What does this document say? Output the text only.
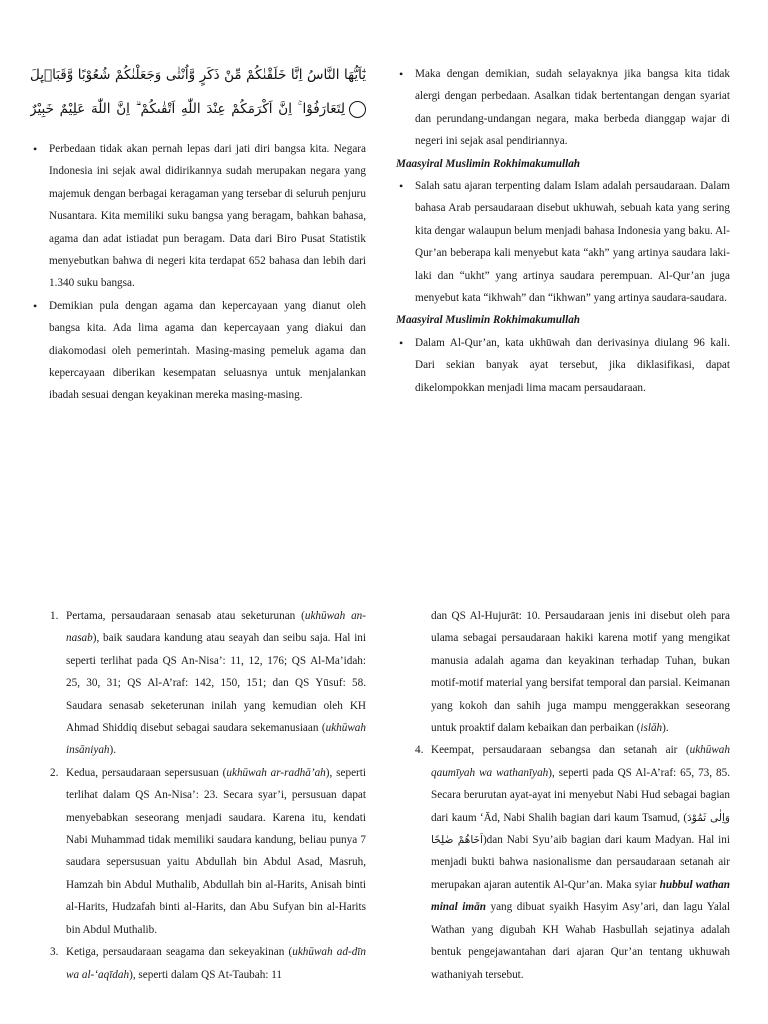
يٰٓاَيُّهَا النَّاسُ اِنَّا خَلَقْنٰكُمْ مِّنْ ذَكَرٍ وَّاُنْثٰى وَجَعَلْنٰكُمْ شُعُوْبًا وَّقَبَاۤىِٕلَ
لِتَعَارَفُوْا ۚ اِنَّ اَكْرَمَكُمْ عِنْدَ اللّٰهِ اَتْقٰىكُمْ ۗ اِنَّ اللّٰهَ عَلِيْمٌ خَبِيْرٌ
• Perbedaan tidak akan pernah lepas dari jati diri bangsa kita. Negara Indonesia ini sejak awal didirikannya sudah merupakan negara yang majemuk dengan berbagai keragaman yang tersebar di seluruh penjuru Nusantara. Kita memiliki suku bangsa yang beragam, bahkan bahasa, agama dan adat istiadat pun beragam. Data dari Biro Pusat Statistik menyebutkan bahwa di negeri kita terdapat 652 bahasa dan lebih dari 1.340 suku bangsa.
• Demikian pula dengan agama dan kepercayaan yang dianut oleh bangsa kita. Ada lima agama dan kepercayaan yang diakui dan diakomodasi oleh pemerintah. Masing-masing pemeluk agama dan kepercayaan diberikan kesempatan seluasnya untuk menjalankan ibadah sesuai dengan keyakinan mereka masing-masing.
• Maka dengan demikian, sudah selayaknya jika bangsa kita tidak alergi dengan perbedaan. Asalkan tidak bertentangan dengan syariat dan perundang-undangan negara, maka berbeda dianggap wajar di negeri ini sejak asal pendiriannya.

Maasyiral Muslimin Rokhimakumullah

• Salah satu ajaran terpenting dalam Islam adalah persaudaraan. Dalam bahasa Arab persaudaraan disebut ukhuwah, sebuah kata yang sering kita dengar walaupun belum menjadi bahasa Indonesia yang baku. Al-Qur’an beberapa kali menyebut kata “akh” yang artinya saudara laki-laki dan “ukht” yang artinya saudara perempuan. Al-Qur’an juga menyebut kata “ikhwah” dan “ikhwan” yang artinya saudara-saudara.

Maasyiral Muslimin Rokhimakumullah

• Dalam Al-Qur’an, kata ukhūwah dan derivasinya diulang 96 kali. Dari sekian banyak ayat tersebut, jika diklasifikasi, dapat dikelompokkan menjadi lima macam persaudaraan.
1. Pertama, persaudaraan senasab atau seketurunan (ukhūwah an-nasab), baik saudara kandung atau seayah dan seibu saja. Hal ini seperti terlihat pada QS An-Nisa’: 11, 12, 176; QS Al-Ma’idah: 25, 30, 31; QS Al-A’raf: 142, 150, 151; dan QS Yūsuf: 58. Saudara senasab seketerunan inilah yang kemudian oleh KH Ahmad Shiddiq disebut sebagai saudara sekemanusiaan (ukhūwah insāniyah).
2. Kedua, persaudaraan sepersusuan (ukhūwah ar-radhā’ah), seperti terlihat dalam QS An-Nisa’: 23. Secara syar’i, persusuan dapat menyebabkan seseorang menjadi saudara. Karena itu, kendati Nabi Muhammad tidak memiliki saudara kandung, beliau punya 7 saudara sepersusuan yaitu Abdullah bin Abdul Asad, Masruh, Hamzah bin Abdul Muthalib, Abdullah bin al-Harits, Anisah binti al-Harits, Hudzafah binti al-Harits, dan Abu Sufyan bin al-Harits bin Abdul Muthalib.
3. Ketiga, persaudaraan seagama dan sekeyakinan (ukhūwah ad-dīn wa al-‘aqīdah), seperti dalam QS At-Taubah: 11

dan QS Al-Hujurāt: 10. Persaudaraan jenis ini disebut oleh para ulama sebagai persaudaraan hakiki karena motif yang mengikat manusia adalah agama dan keyakinan terhadap Tuhan, bukan motif-motif material yang bersifat temporal dan parsial. Keimanan yang kokoh dan sahih juga mampu menggerakkan seseorang untuk proaktif dalam kebaikan dan perbaikan (islāh).

4. Keempat, persaudaraan sebangsa dan setanah air (ukhūwah qaumīyah wa wathanīyah), seperti pada QS Al-A’raf: 65, 73, 85. Secara berurutan ayat-ayat ini menyebut Nabi Hud sebagai bagian dari kaum ‘Ād, Nabi Shalih bagian dari kaum Tsamud, (وَاِلٰى ثَمُوْدَ اَخَاهُمْ صٰلِحًا)dan Nabi Syu’aib bagian dari kaum Madyan. Hal ini menjadi bukti bahwa nasionalisme dan persaudaraan setanah air merupakan ajaran autentik Al-Qur’an. Maka syiar hubbul wathan minal imān yang dibuat syaikh Hasyim Asy’ari, dan lagu Yalal Wathan yang digubah KH Wahab Hasbullah sejatinya adalah bentuk pengejawantahan dari ajaran Qur’an tentang ukhuwah wathaniyah tersebut.
